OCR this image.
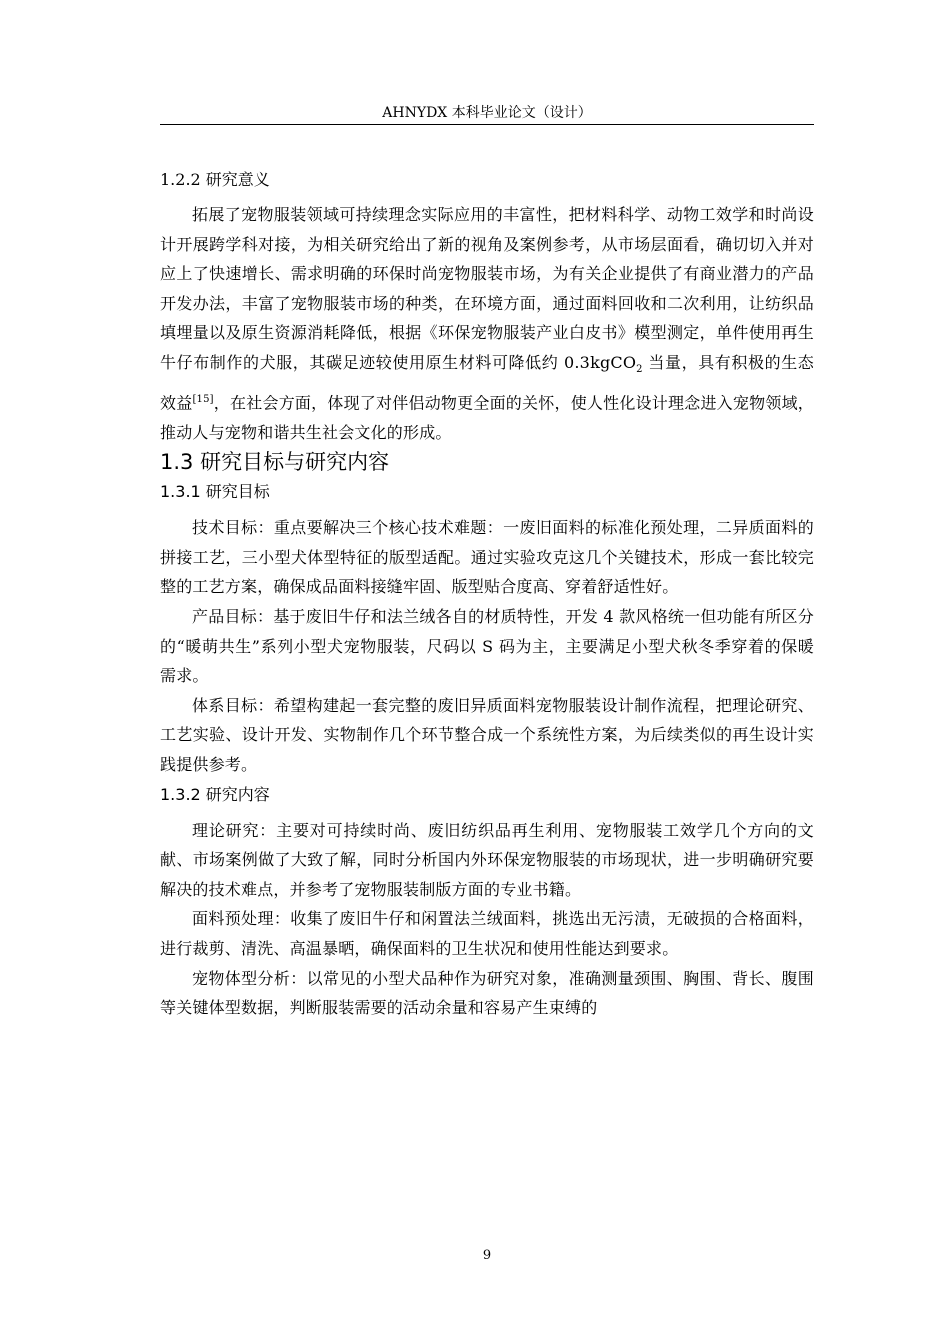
AHNYDX 本科毕业论文（设计）
1.2.2 研究意义

拓展了宠物服装领域可持续理念实际应用的丰富性，把材料科学、动物工效学和时尚设计开展跨学科对接，为相关研究给出了新的视角及案例参考，从市场层面看，确切切入并对应上了快速增长、需求明确的环保时尚宠物服装市场，为有关企业提供了有商业潜力的产品开发办法，丰富了宠物服装市场的种类，在环境方面，通过面料回收和二次利用，让纺织品填埋量以及原生资源消耗降低，根据《环保宠物服装产业白皮书》模型测定，单件使用再生牛仔布制作的犬服，其碳足迹较使用原生材料可降低约 0.3kgCO$_2$ 当量，具有积极的生态效益[15]，在社会方面，体现了对伴侣动物更全面的关怀，使人性化设计理念进入宠物领域，推动人与宠物和谐共生社会文化的形成。

1.3 研究目标与研究内容
1.3.1 研究目标

技术目标：重点要解决三个核心技术难题：一废旧面料的标准化预处理，二异质面料的拼接工艺，三小型犬体型特征的版型适配。通过实验攻克这几个关键技术，形成一套比较完整的工艺方案，确保成品面料接缝牢固、版型贴合度高、穿着舒适性好。

产品目标：基于废旧牛仔和法兰绒各自的材质特性，开发 4 款风格统一但功能有所区分的“暖萌共生”系列小型犬宠物服装，尺码以 S 码为主，主要满足小型犬秋冬季穿着的保暖需求。

体系目标：希望构建起一套完整的废旧异质面料宠物服装设计制作流程，把理论研究、工艺实验、设计开发、实物制作几个环节整合成一个系统性方案，为后续类似的再生设计实践提供参考。

1.3.2 研究内容

理论研究：主要对可持续时尚、废旧纺织品再生利用、宠物服装工效学几个方向的文献、市场案例做了大致了解，同时分析国内外环保宠物服装的市场现状，进一步明确研究要解决的技术难点，并参考了宠物服装制版方面的专业书籍。

面料预处理：收集了废旧牛仔和闲置法兰绒面料，挑选出无污渍，无破损的合格面料，进行裁剪、清洗、高温暴晒，确保面料的卫生状况和使用性能达到要求。

宠物体型分析：以常见的小型犬品种作为研究对象，准确测量颈围、胸围、背长、腹围等关键体型数据，判断服装需要的活动余量和容易产生束缚的

9
